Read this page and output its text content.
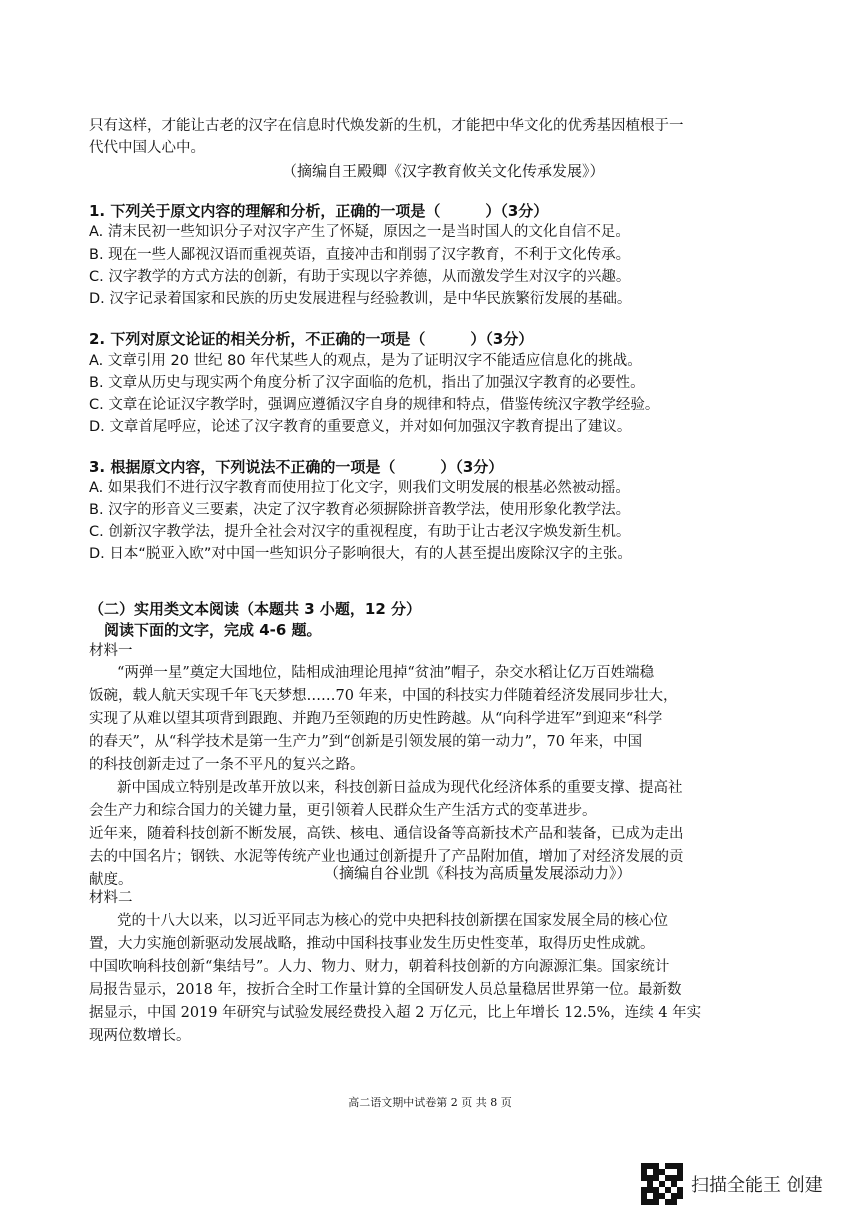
只有这样，才能让古老的汉字在信息时代焕发新的生机，才能把中华文化的优秀基因植根于一
代代中国人心中。
（摘编自王殿卿《汉字教育攸关文化传承发展》）
1. 下列关于原文内容的理解和分析，正确的一项是（　　　）（3分）
A. 清末民初一些知识分子对汉字产生了怀疑，原因之一是当时国人的文化自信不足。
B. 现在一些人鄙视汉语而重视英语，直接冲击和削弱了汉字教育，不利于文化传承。
C. 汉字教学的方式方法的创新，有助于实现以字养德，从而激发学生对汉字的兴趣。
D. 汉字记录着国家和民族的历史发展进程与经验教训，是中华民族繁衍发展的基础。
2. 下列对原文论证的相关分析，不正确的一项是（　　　）（3分）
A. 文章引用 20 世纪 80 年代某些人的观点，是为了证明汉字不能适应信息化的挑战。
B. 文章从历史与现实两个角度分析了汉字面临的危机，指出了加强汉字教育的必要性。
C. 文章在论证汉字教学时，强调应遵循汉字自身的规律和特点，借鉴传统汉字教学经验。
D. 文章首尾呼应，论述了汉字教育的重要意义，并对如何加强汉字教育提出了建议。
3. 根据原文内容，下列说法不正确的一项是（　　　）（3分）
A. 如果我们不进行汉字教育而使用拉丁化文字，则我们文明发展的根基必然被动摇。
B. 汉字的形音义三要素，决定了汉字教育必须摒除拼音教学法，使用形象化教学法。
C. 创新汉字教学法，提升全社会对汉字的重视程度，有助于让古老汉字焕发新生机。
D. 日本“脱亚入欧”对中国一些知识分子影响很大，有的人甚至提出废除汉字的主张。
（二）实用类文本阅读（本题共 3 小题，12 分）
阅读下面的文字，完成 4-6 题。
材料一
“两弹一星”奠定大国地位，陆相成油理论甩掉“贫油”帽子，杂交水稻让亿万百姓端稳
饭碗，载人航天实现千年飞天梦想……70 年来，中国的科技实力伴随着经济发展同步壮大，
实现了从难以望其项背到跟跑、并跑乃至领跑的历史性跨越。从“向科学进军”到迎来“科学
的春天”，从“科学技术是第一生产力”到“创新是引领发展的第一动力”，70 年来，中国
的科技创新走过了一条不平凡的复兴之路。
新中国成立特别是改革开放以来，科技创新日益成为现代化经济体系的重要支撑、提高社
会生产力和综合国力的关键力量，更引领着人民群众生产生活方式的变革进步。
近年来，随着科技创新不断发展，高铁、核电、通信设备等高新技术产品和装备，已成为走出
去的中国名片；钢铁、水泥等传统产业也通过创新提升了产品附加值，增加了对经济发展的贡
献度。	（摘编自谷业凯《科技为高质量发展添动力》）
材料二
党的十八大以来，以习近平同志为核心的党中央把科技创新摆在国家发展全局的核心位
置，大力实施创新驱动发展战略，推动中国科技事业发生历史性变革，取得历史性成就。
中国吹响科技创新“集结号”。人力、物力、财力，朝着科技创新的方向源源汇集。国家统计
局报告显示，2018 年，按折合全时工作量计算的全国研发人员总量稳居世界第一位。最新数
据显示，中国 2019 年研究与试验发展经费投入超 2 万亿元，比上年增长 12.5%，连续 4 年实
现两位数增长。
高二语文期中试卷第 2 页 共 8 页
扫描全能王 创建
